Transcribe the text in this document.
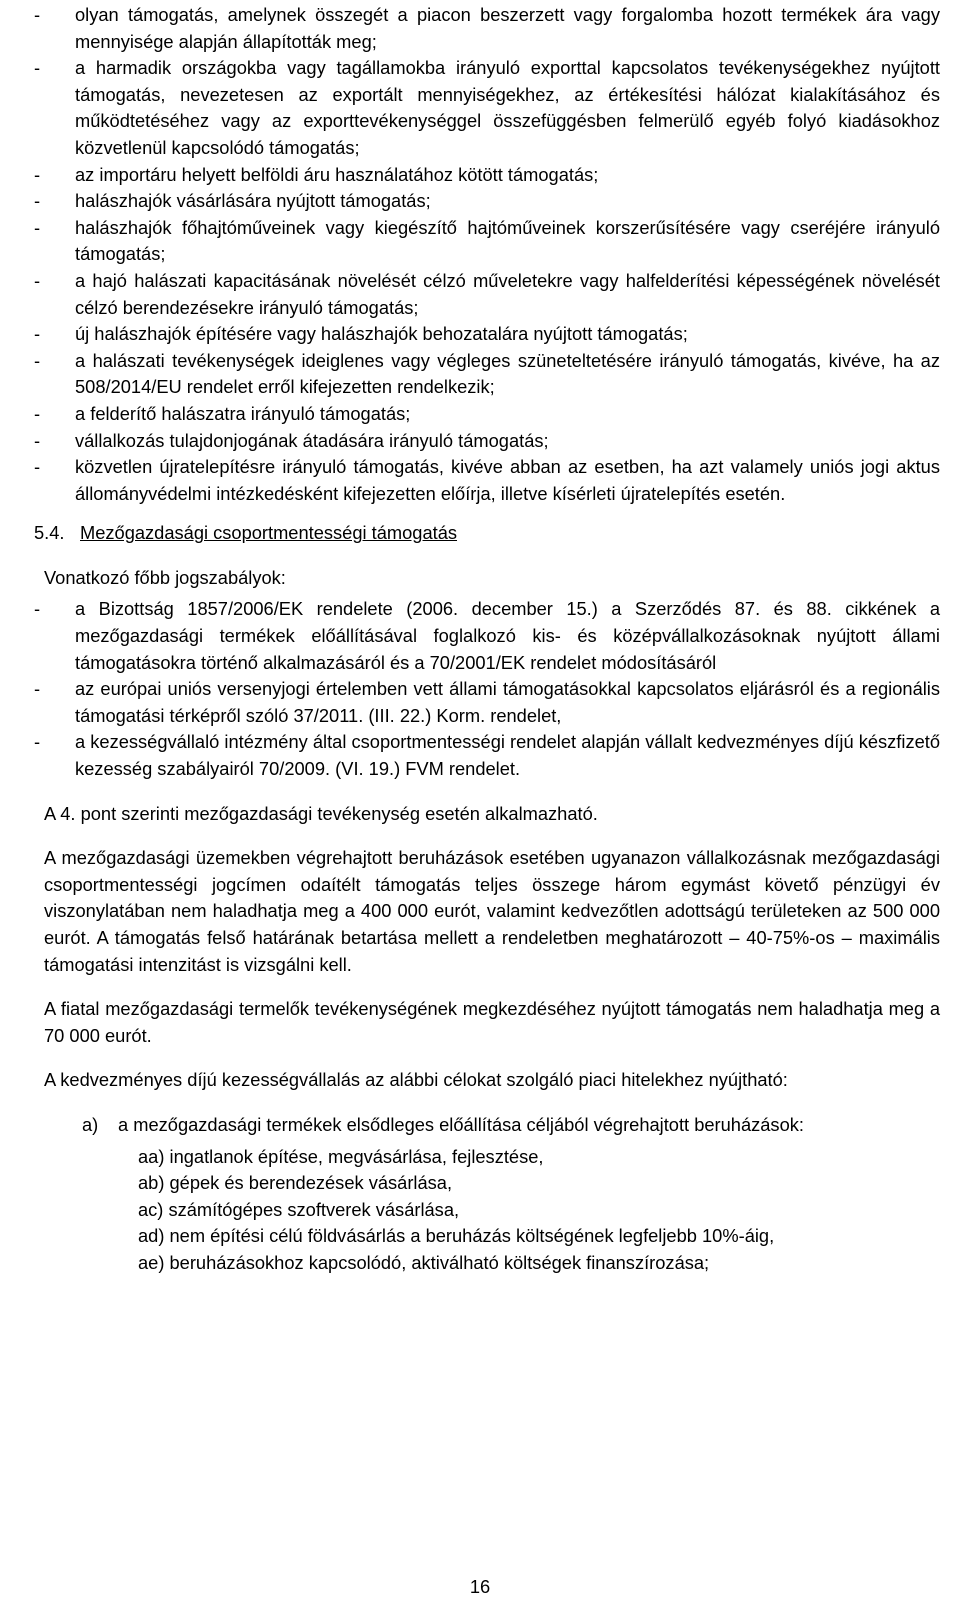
- olyan támogatás, amelynek összegét a piacon beszerzett vagy forgalomba hozott termékek ára vagy mennyisége alapján állapították meg;
- a harmadik országokba vagy tagállamokba irányuló exporttal kapcsolatos tevékenységekhez nyújtott támogatás, nevezetesen az exportált mennyiségekhez, az értékesítési hálózat kialakításához és működtetéséhez vagy az exporttevékenységgel összefüggésben felmerülő egyéb folyó kiadásokhoz közvetlenül kapcsolódó támogatás;
- az importáru helyett belföldi áru használatához kötött támogatás;
- halászhajók vásárlására nyújtott támogatás;
- halászhajók főhajtóműveinek vagy kiegészítő hajtóműveinek korszerűsítésére vagy cseréjére irányuló támogatás;
- a hajó halászati kapacitásának növelését célzó műveletekre vagy halfelderítési képességének növelését célzó berendezésekre irányuló támogatás;
- új halászhajók építésére vagy halászhajók behozatalára nyújtott támogatás;
- a halászati tevékenységek ideiglenes vagy végleges szüneteltetésére irányuló támogatás, kivéve, ha az 508/2014/EU rendelet erről kifejezetten rendelkezik;
- a felderítő halászatra irányuló támogatás;
- vállalkozás tulajdonjogának átadására irányuló támogatás;
- közvetlen újratelepítésre irányuló támogatás, kivéve abban az esetben, ha azt valamely uniós jogi aktus állományvédelmi intézkedésként kifejezetten előírja, illetve kísérleti újratelepítés esetén.
5.4. Mezőgazdasági csoportmentességi támogatás
Vonatkozó főbb jogszabályok:
- a Bizottság 1857/2006/EK rendelete (2006. december 15.) a Szerződés 87. és 88. cikkének a mezőgazdasági termékek előállításával foglalkozó kis- és középvállalkozásoknak nyújtott állami támogatásokra történő alkalmazásáról és a 70/2001/EK rendelet módosításáról
- az európai uniós versenyjogi értelemben vett állami támogatásokkal kapcsolatos eljárásról és a regionális támogatási térképről szóló 37/2011. (III. 22.) Korm. rendelet,
- a kezességvállaló intézmény által csoportmentességi rendelet alapján vállalt kedvezményes díjú készfizető kezesség szabályairól 70/2009. (VI. 19.) FVM rendelet.
A 4. pont szerinti mezőgazdasági tevékenység esetén alkalmazható.
A mezőgazdasági üzemekben végrehajtott beruházások esetében ugyanazon vállalkozásnak mezőgazdasági csoportmentességi jogcímen odaítélt támogatás teljes összege három egymást követő pénzügyi év viszonylatában nem haladhatja meg a 400 000 eurót, valamint kedvezőtlen adottságú területeken az 500 000 eurót. A támogatás felső határának betartása mellett a rendeletben meghatározott – 40-75%-os – maximális támogatási intenzitást is vizsgálni kell.
A fiatal mezőgazdasági termelők tevékenységének megkezdéséhez nyújtott támogatás nem haladhatja meg a 70 000 eurót.
A kedvezményes díjú kezességvállalás az alábbi célokat szolgáló piaci hitelekhez nyújtható:
a) a mezőgazdasági termékek elsődleges előállítása céljából végrehajtott beruházások:
aa) ingatlanok építése, megvásárlása, fejlesztése,
ab) gépek és berendezések vásárlása,
ac) számítógépes szoftverek vásárlása,
ad) nem építési célú földvásárlás a beruházás költségének legfeljebb 10%-áig,
ae) beruházásokhoz kapcsolódó, aktiválható költségek finanszírozása;
16
